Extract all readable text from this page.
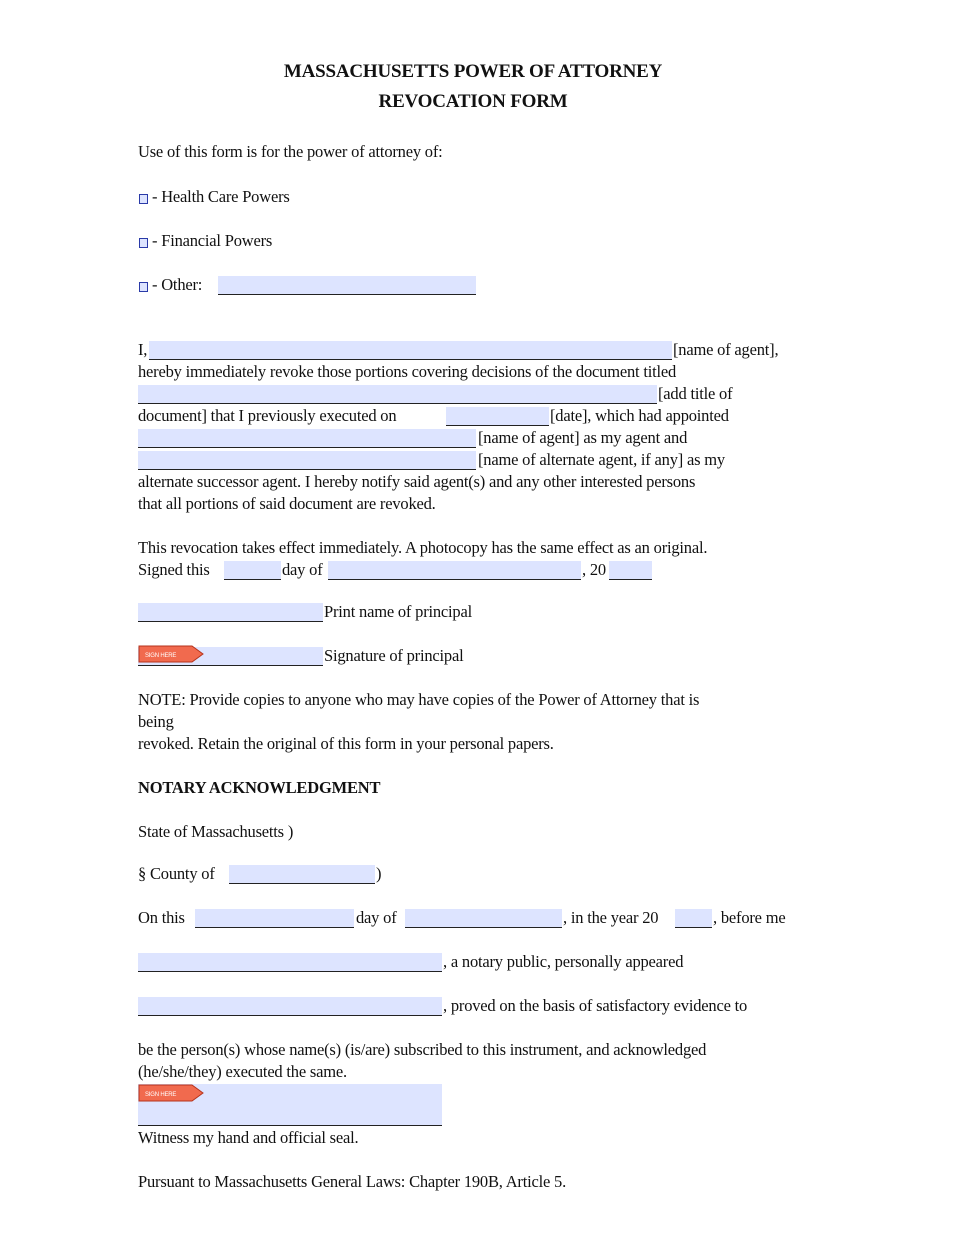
MASSACHUSETTS POWER OF ATTORNEY
REVOCATION FORM
Use of this form is for the power of attorney of:
- Health Care Powers
- Financial Powers
- Other:
I,	[name of agent],
hereby immediately revoke those portions covering decisions of the document titled
[add title of
document] that I previously executed on	[date], which had appointed
[name of agent] as my agent and
[name of alternate agent, if any] as my
alternate successor agent. I hereby notify said agent(s) and any other interested persons
that all portions of said document are revoked.
This revocation takes effect immediately. A photocopy has the same effect as an original.
Signed this	day of	, 20
Print name of principal
SIGN HERE	Signature of principal
NOTE: Provide copies to anyone who may have copies of the Power of Attorney that is
being
revoked. Retain the original of this form in your personal papers.
NOTARY ACKNOWLEDGMENT
State of Massachusetts )
§ County of	)
On this	day of	, in the year 20	, before me
, a notary public, personally appeared
, proved on the basis of satisfactory evidence to
be the person(s) whose name(s) (is/are) subscribed to this instrument, and acknowledged
(he/she/they) executed the same.
SIGN HERE
Witness my hand and official seal.
Pursuant to Massachusetts General Laws: Chapter 190B, Article 5.
